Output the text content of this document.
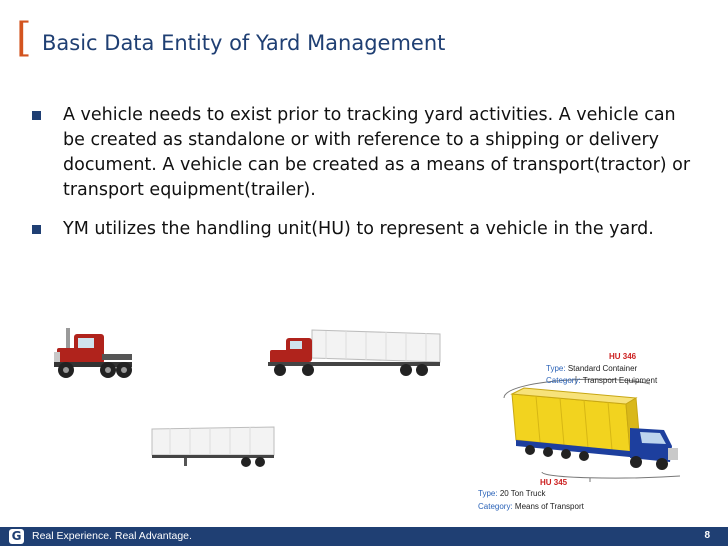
[ Basic Data Entity of Yard Management
A vehicle needs to exist prior to tracking yard activities. A vehicle can be created as standalone or with reference to a shipping or delivery document. A vehicle can be created as a means of transport(tractor) or transport equipment(trailer).
YM utilizes the handling unit(HU) to represent a vehicle in the yard.
HU 346
Type: Standard Container
Category: Transport Equipment
HU 345
Type: 20 Ton Truck
Category: Means of Transport
G Real Experience. Real Advantage.	8
